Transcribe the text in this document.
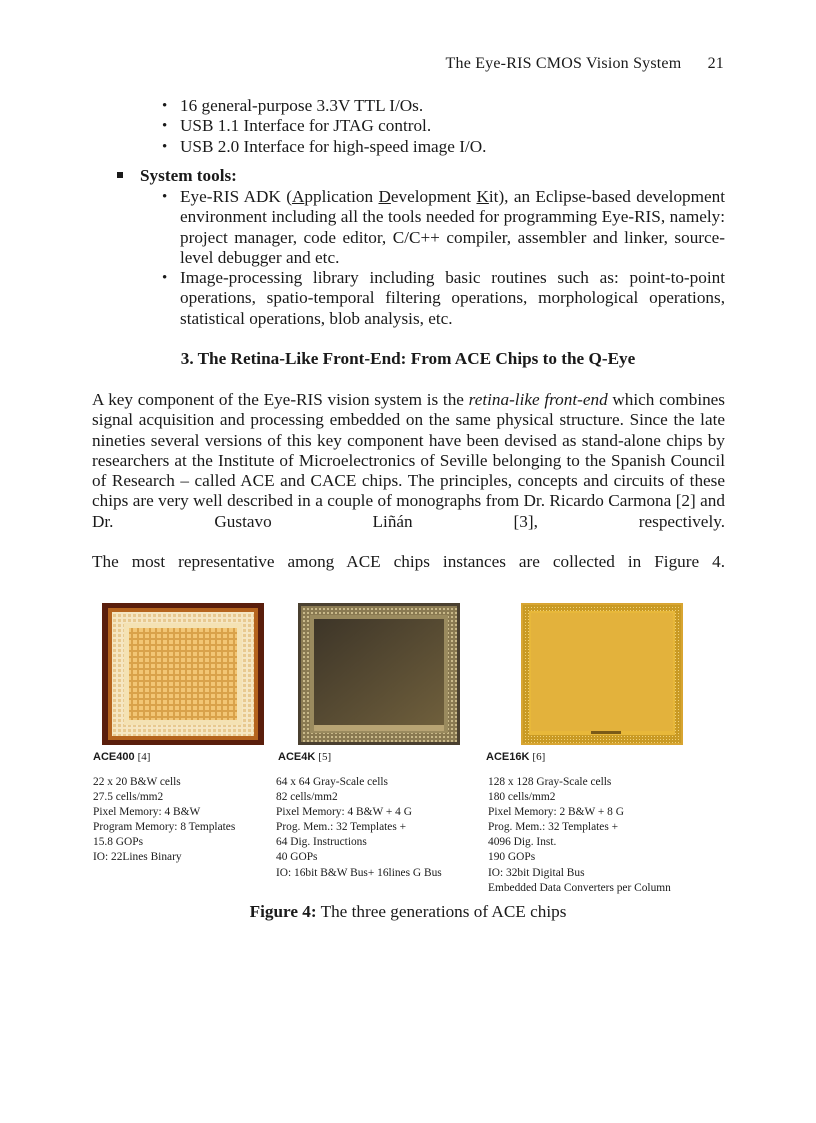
The Eye-RIS CMOS Vision System 21
• 16 general-purpose 3.3V TTL I/Os.
• USB 1.1 Interface for JTAG control.
• USB 2.0 Interface for high-speed image I/O.
System tools:
• Eye-RIS ADK (Application Development Kit), an Eclipse-based development environment including all the tools needed for programming Eye-RIS, namely: project manager, code editor, C/C++ compiler, assembler and linker, source-level debugger and etc.
• Image-processing library including basic routines such as: point-to-point operations, spatio-temporal filtering operations, morphological operations, statistical operations, blob analysis, etc.
3. The Retina-Like Front-End: From ACE Chips to the Q-Eye

A key component of the Eye-RIS vision system is the retina-like front-end which combines signal acquisition and processing embedded on the same physical structure. Since the late nineties several versions of this key component have been devised as stand-alone chips by researchers at the Institute of Microelectronics of Seville belonging to the Spanish Council of Research – called ACE and CACE chips. The principles, concepts and circuits of these chips are very well described in a couple of monographs from Dr. Ricardo Carmona [2] and Dr. Gustavo Liñán [3], respectively.

The most representative among ACE chips instances are collected in Figure 4.

ACE400 [4]	ACE4K [5]	ACE16K [6]
22 x 20 B&W cells
27.5 cells/mm2
Pixel Memory: 4 B&W
Program Memory: 8 Templates
15.8 GOPs
IO: 22Lines Binary
64 x 64 Gray-Scale cells
82 cells/mm2
Pixel Memory: 4 B&W + 4 G
Prog. Mem.: 32 Templates +
64 Dig. Instructions
40 GOPs
IO: 16bit B&W Bus+ 16lines G Bus
128 x 128 Gray-Scale cells
180 cells/mm2
Pixel Memory: 2 B&W + 8 G
Prog. Mem.: 32 Templates +
4096 Dig. Inst.
190 GOPs
IO: 32bit Digital Bus
Embedded Data Converters per Column
Figure 4: The three generations of ACE chips
